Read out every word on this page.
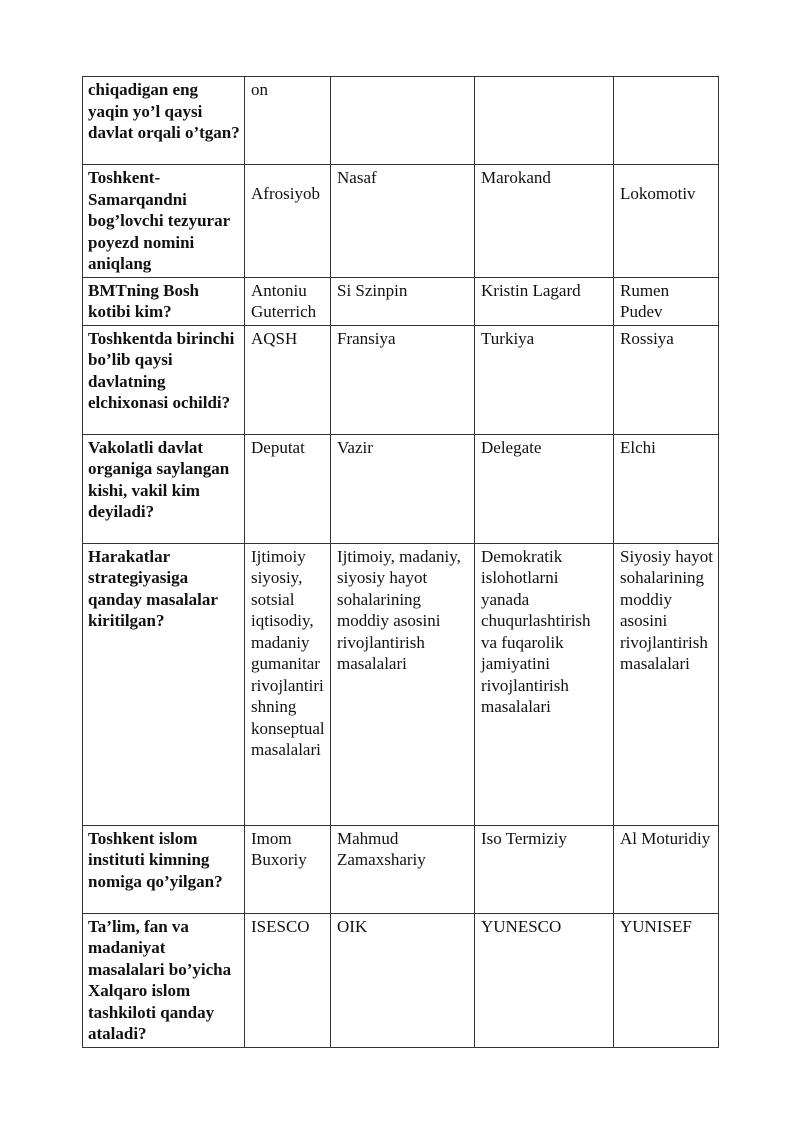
chiqadigan eng yaqin yo’l qaysi davlat orqali o’tgan?	on			
Toshkent-Samarqandni bog’lovchi tezyurar poyezd nomini aniqlang	Afrosiyob	Nasaf	Marokand	Lokomotiv
BMTning Bosh kotibi kim?	Antoniu Guterrich	Si Szinpin	Kristin Lagard	Rumen Pudev
Toshkentda birinchi bo’lib qaysi davlatning elchixonasi ochildi?	AQSH	Fransiya	Turkiya	Rossiya
Vakolatli davlat organiga saylangan kishi, vakil kim deyiladi?	Deputat	Vazir	Delegate	Elchi
Harakatlar strategiyasiga qanday masalalar kiritilgan?	Ijtimoiy siyosiy, sotsial iqtisodiy, madaniy gumanitar rivojlantirishning konseptual masalalari	Ijtimoiy, madaniy, siyosiy hayot sohalarining moddiy asosini rivojlantirish masalalari	Demokratik islohotlarni yanada chuqurlashtirish va fuqarolik jamiyatini rivojlantirish masalalari	Siyosiy hayot sohalarining moddiy asosini rivojlantirish masalalari
Toshkent islom instituti kimning nomiga qo’yilgan?	Imom Buxoriy	Mahmud Zamaxshariy	Iso Termiziy	Al Moturidiy
Ta’lim, fan va madaniyat masalalari bo’yicha Xalqaro islom tashkiloti qanday ataladi?	ISESCO	OIK	YUNESCO	YUNISEF
